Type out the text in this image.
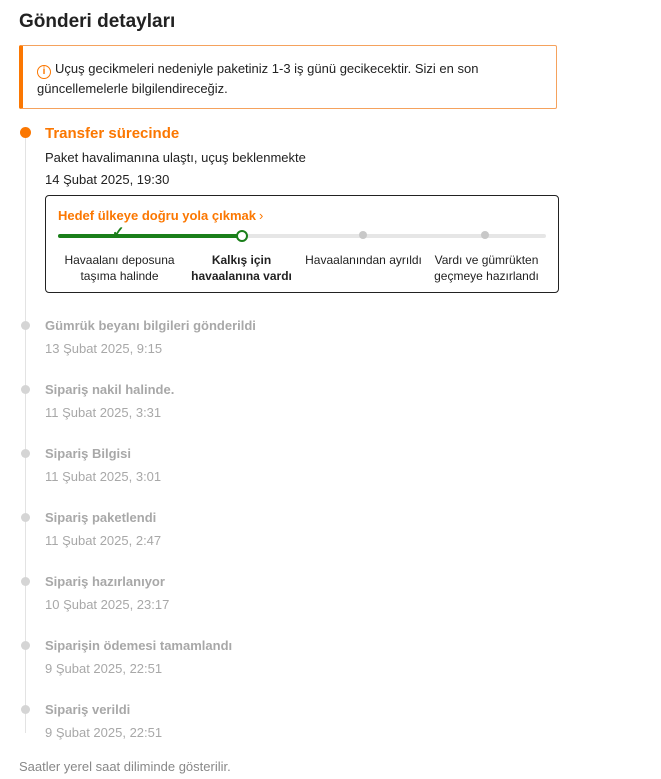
Gönderi detayları
i Uçuş gecikmeleri nedeniyle paketiniz 1-3 iş günü gecikecektir. Sizi en son güncellemelerle bilgilendireceğiz.
Transfer sürecinde
Paket havalimanına ulaştı, uçuş beklenmekte
14 Şubat 2025, 19:30
Hedef ülkeye doğru yola çıkmak ›
✓
Havaalanı deposuna taşıma halinde
Kalkış için havaalanına vardı
Havaalanından ayrıldı	Vardı ve gümrükten geçmeye hazırlandı
Gümrük beyanı bilgileri gönderildi
13 Şubat 2025, 9:15
Sipariş nakil halinde.
11 Şubat 2025, 3:31
Sipariş Bilgisi
11 Şubat 2025, 3:01
Sipariş paketlendi
11 Şubat 2025, 2:47
Sipariş hazırlanıyor
10 Şubat 2025, 23:17
Siparişin ödemesi tamamlandı
9 Şubat 2025, 22:51
Sipariş verildi
9 Şubat 2025, 22:51
Saatler yerel saat diliminde gösterilir.
